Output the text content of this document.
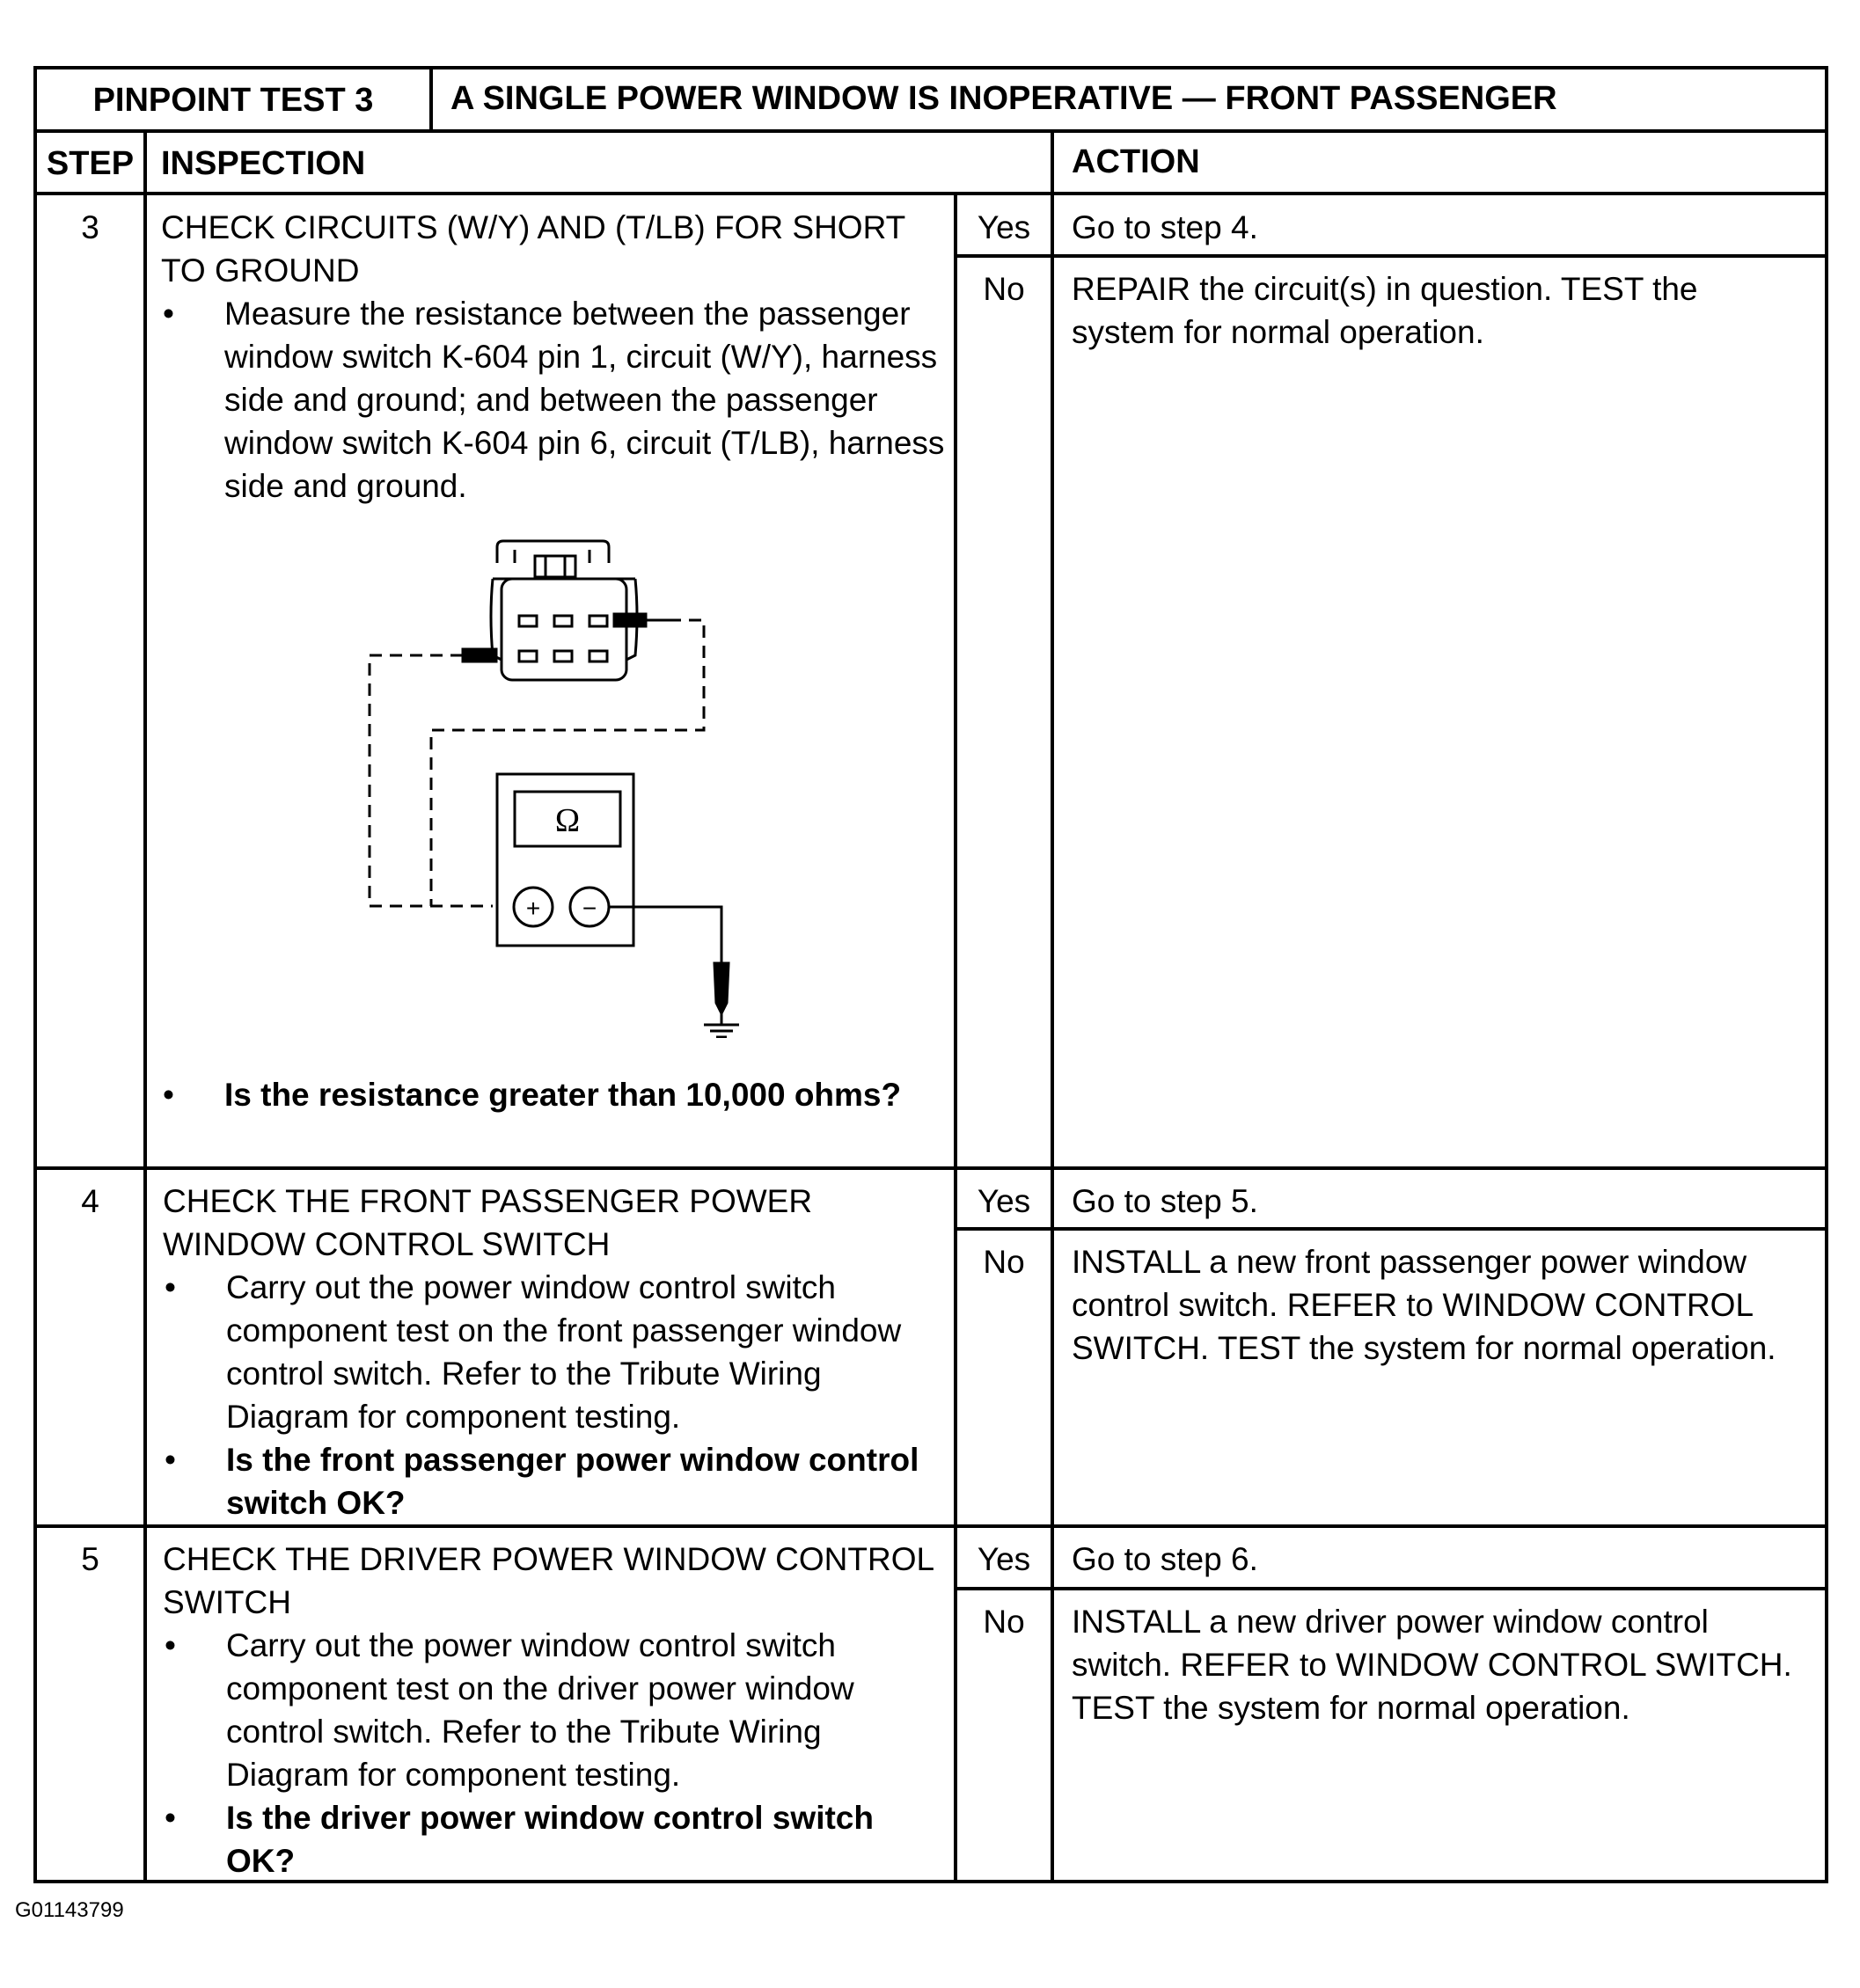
PINPOINT TEST 3	A SINGLE POWER WINDOW IS INOPERATIVE — FRONT PASSENGER
STEP INSPECTION	ACTION
3	CHECK CIRCUITS (W/Y) AND (T/LB) FOR SHORT TO GROUND
• Measure the resistance between the passenger window switch K-604 pin 1, circuit (W/Y), harness side and ground; and between the passenger window switch K-604 pin 6, circuit (T/LB), harness side and ground.
Ω
+ −
• Is the resistance greater than 10,000 ohms?
Yes	Go to step 4.
No	REPAIR the circuit(s) in question. TEST the system for normal operation.
4	CHECK THE FRONT PASSENGER POWER WINDOW CONTROL SWITCH
• Carry out the power window control switch component test on the front passenger window control switch. Refer to the Tribute Wiring Diagram for component testing.
• Is the front passenger power window control switch OK?
Yes	Go to step 5.
No	INSTALL a new front passenger power window control switch. REFER to WINDOW CONTROL SWITCH. TEST the system for normal operation.
5	CHECK THE DRIVER POWER WINDOW CONTROL SWITCH
• Carry out the power window control switch component test on the driver power window control switch. Refer to the Tribute Wiring Diagram for component testing.
• Is the driver power window control switch OK?
Yes	Go to step 6.
No	INSTALL a new driver power window control switch. REFER to WINDOW CONTROL SWITCH. TEST the system for normal operation.
G01143799
